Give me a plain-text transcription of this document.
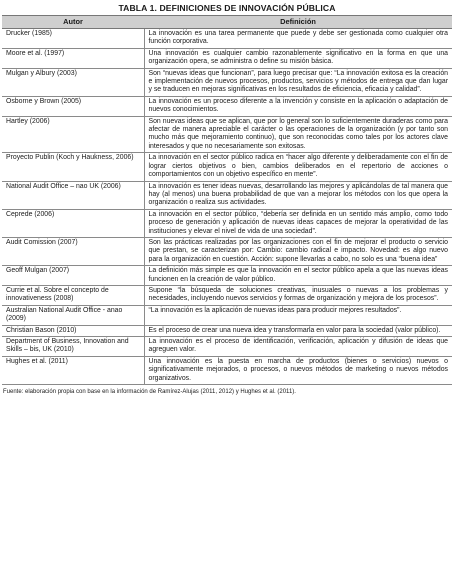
TABLA 1. DEFINICIONES DE INNOVACIÓN PÚBLICA
Autor	Definición
Drucker (1985)	La innovación es una tarea permanente que puede y debe ser gestionada como cualquier otra función corporativa.
Moore et al. (1997)	Una innovación es cualquier cambio razonablemente significativo en la forma en que una organización opera, se administra o define su misión básica.
Mulgan y Albury (2003)	Son “nuevas ideas que funcionan”, para luego precisar que: “La innovación exitosa es la creación e implementación de nuevos procesos, productos, servicios y métodos de entrega que dan lugar y se traducen en mejoras significativas en los resultados de eficiencia, eficacia y calidad”.
Osborne y Brown (2005)	La innovación es un proceso diferente a la invención y consiste en la aplicación o adaptación de nuevos conocimientos.
Hartley (2006)	Son nuevas ideas que se aplican, que por lo general son lo suficientemente duraderas como para afectar de manera apreciable el carácter o las operaciones de la organización (y por tanto son mucho más que mejoramiento continuo), que son reconocidas como tales por los actores clave interesados y que no necesariamente son exitosas.
Proyecto Publin (Koch y Haukness, 2006)	La innovación en el sector público radica en “hacer algo diferente y deliberadamente con el fin de lograr ciertos objetivos o bien, cambios deliberados en el repertorio de acciones o comportamientos con un objetivo específico en mente”.
National Audit Office – nao UK (2006)	La innovación es tener ideas nuevas, desarrollando las mejores y aplicándolas de tal manera que hay (al menos) una buena probabilidad de que van a mejorar los métodos con los que opera la organización o realiza sus actividades.
Ceprede (2006)	La innovación en el sector público, “debería ser definida en un sentido más amplio, como todo proceso de generación y aplicación de nuevas ideas capaces de mejorar la operatividad de las instituciones y elevar el nivel de vida de una sociedad”.
Audit Comission (2007)	Son las prácticas realizadas por las organizaciones con el fin de mejorar el producto o servicio que prestan, se caracterizan por: Cambio: cambio radical e impacto. Novedad: es algo nuevo para la organización en cuestión. Acción: supone llevarlas a cabo, no solo es una “buena idea”
Geoff Mulgan (2007)	La definición más simple es que la innovación en el sector público apela a que las nuevas ideas funcionen en la creación de valor público.
Currie et al. Sobre el concepto de innovativeness (2008)	Supone “la búsqueda de soluciones creativas, inusuales o nuevas a los problemas y necesidades, incluyendo nuevos servicios y formas de organización y mejora de los procesos”.
Australian National Audit Office - anao (2009)	“La innovación es la aplicación de nuevas ideas para producir mejores resultados”.
Christian Bason (2010)	Es el proceso de crear una nueva idea y transformarla en valor para la sociedad (valor público).
Department of Business, Innovation and Skills – bis, UK (2010)	La innovación es el proceso de identificación, verificación, aplicación y difusión de ideas que agreguen valor.
Hughes et al. (2011)	Una innovación es la puesta en marcha de productos (bienes o servicios) nuevos o significativamente mejorados, o procesos, o nuevos métodos de marketing o nuevos métodos organizativos.
Fuente: elaboración propia con base en la información de Ramírez-Alujas (2011, 2012) y Hughes et al. (2011).
